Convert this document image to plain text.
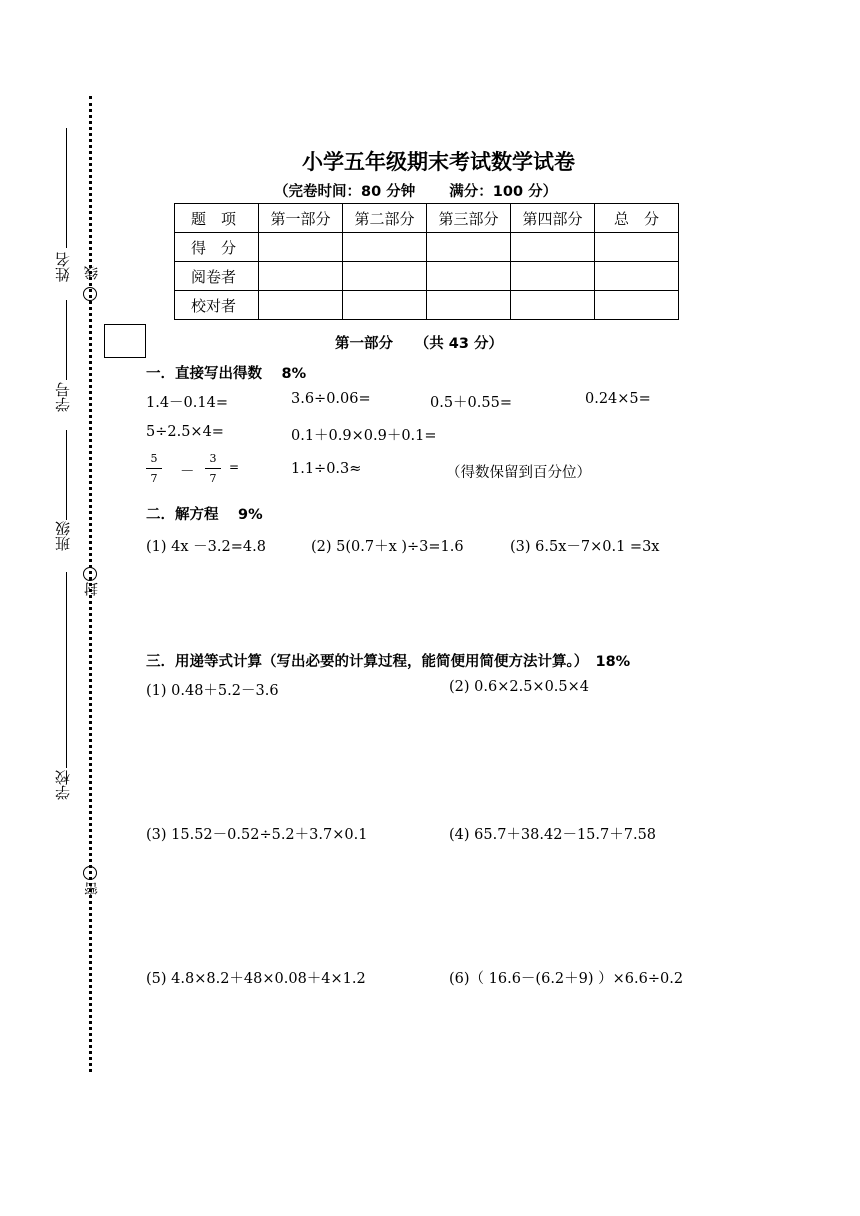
姓名
学号
班级
学校
线
封
密
小学五年级期末考试数学试卷
（完卷时间：80 分钟　　 满分：100 分）
题　项	第一部分	第二部分	第三部分	第四部分	总　分
得　分					
阅卷者					
校对者					
第一部分　　（共 43 分）
一．直接写出得数　 8%
1.4－0.14=	3.6÷0.06=	0.5＋0.55=	0.24×5=
5÷2.5×4=	0.1＋0.9×0.9＋0.1=
5
7	－
3
7
=	1.1÷0.3≈	（得数保留到百分位）
二．解方程　 9%
(1) 4x －3.2=4.8	(2) 5(0.7＋x )÷3=1.6	(3) 6.5x－7×0.1 =3x
三．用递等式计算（写出必要的计算过程，能简便用简便方法计算。）　18%
(1) 0.48＋5.2－3.6	(2) 0.6×2.5×0.5×4
(3) 15.52－0.52÷5.2＋3.7×0.1	(4) 65.7＋38.42－15.7＋7.58
(5) 4.8×8.2＋48×0.08＋4×1.2	(6)（ 16.6－(6.2＋9) ）×6.6÷0.2
